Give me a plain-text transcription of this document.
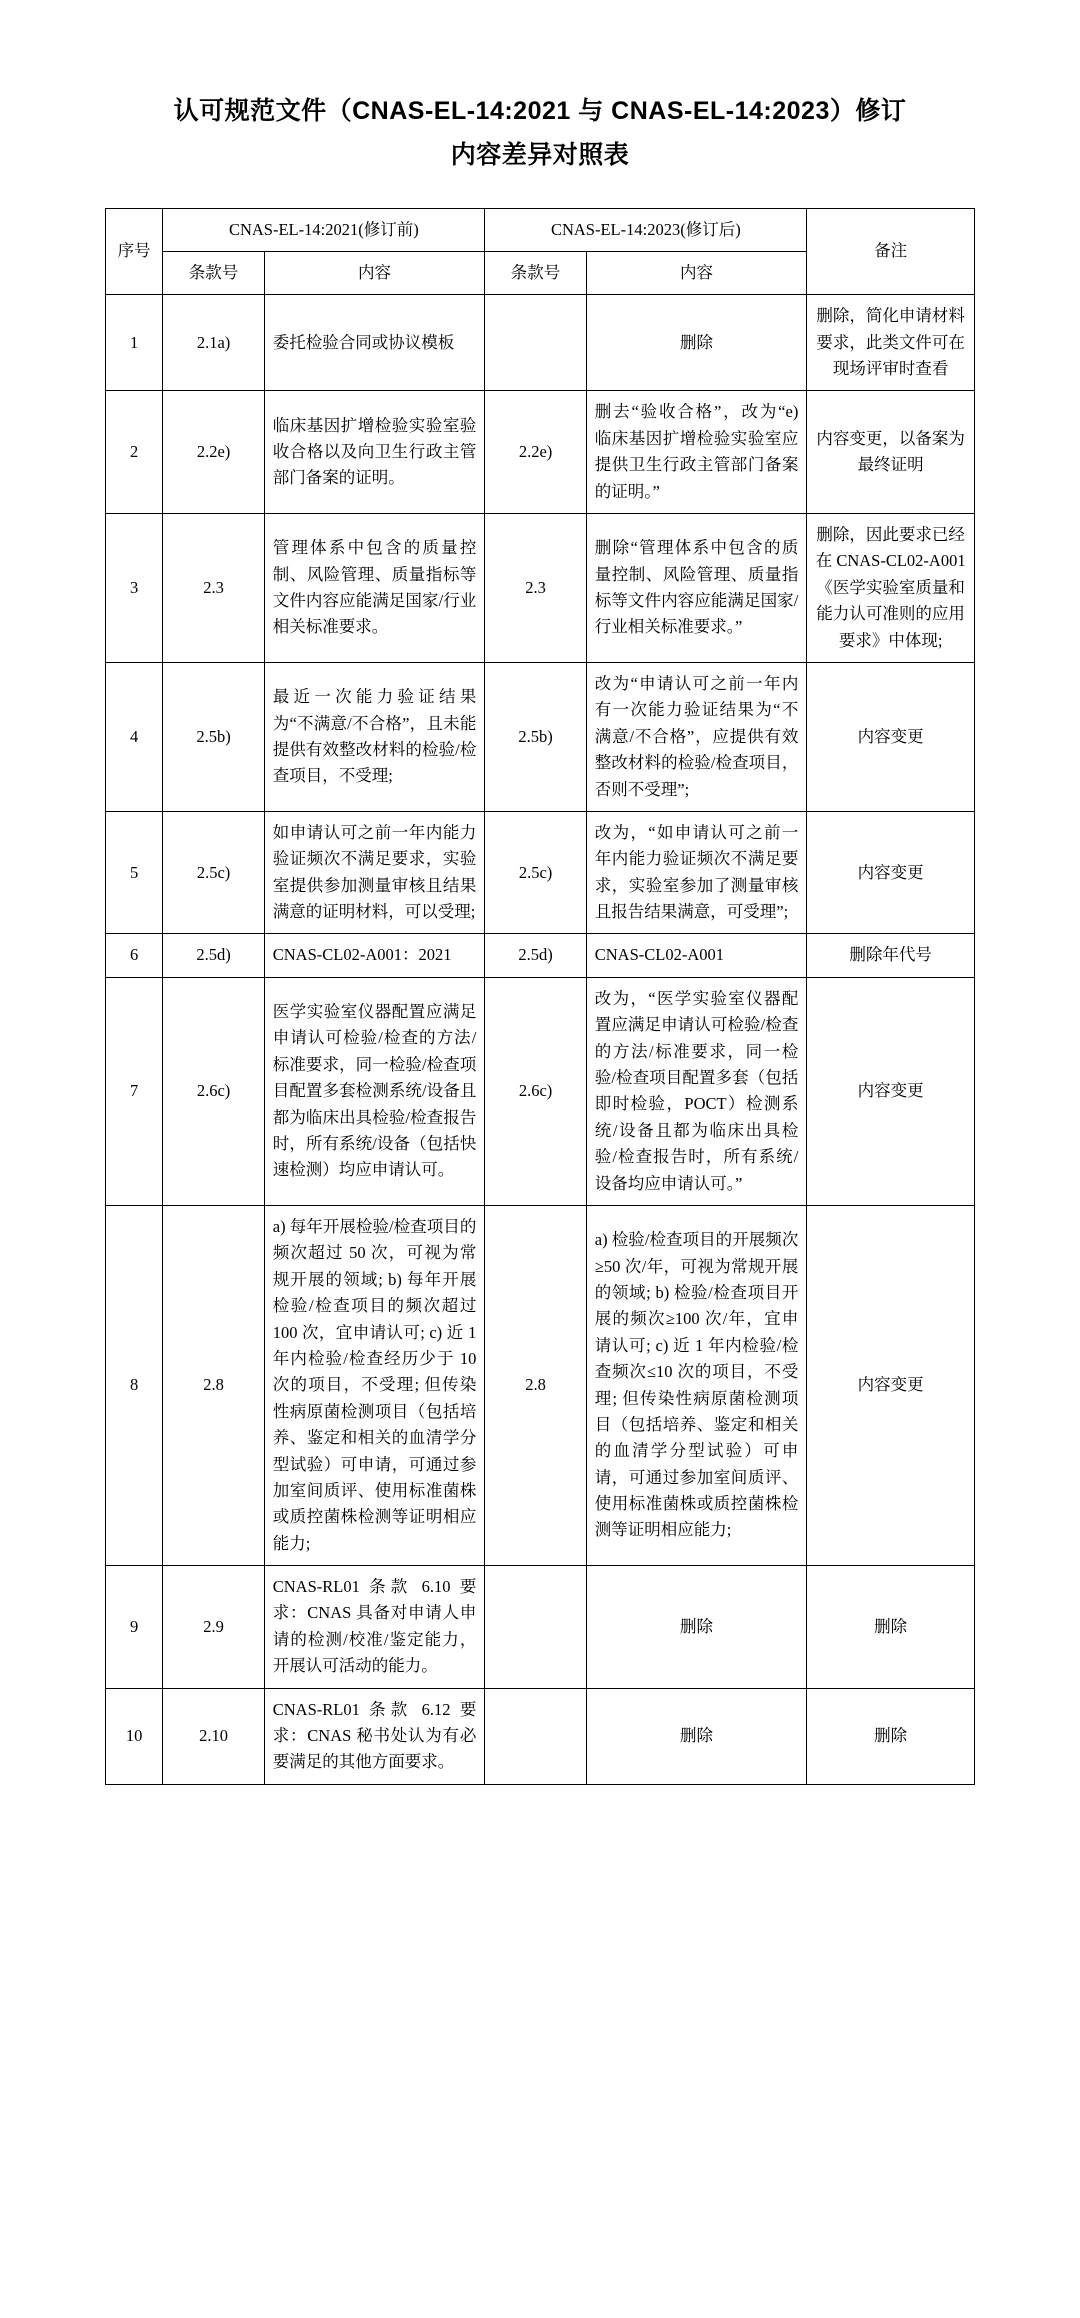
认可规范文件（CNAS-EL-14:2021 与 CNAS-EL-14:2023）修订
内容差异对照表
序号	CNAS-EL-14:2021(修订前)		CNAS-EL-14:2023(修订后)		备注
	条款号	内容	条款号	内容	
1	2.1a)	委托检验合同或协议模板		删除	删除，简化申请材料要求，此类文件可在现场评审时查看
2	2.2e)	临床基因扩增检验实验室验收合格以及向卫生行政主管部门备案的证明。	2.2e)	删去“验收合格”，改为“e) 临床基因扩增检验实验室应提供卫生行政主管部门备案的证明。”	内容变更，以备案为最终证明
3	2.3	管理体系中包含的质量控制、风险管理、质量指标等文件内容应能满足国家/行业相关标准要求。	2.3	删除“管理体系中包含的质量控制、风险管理、质量指标等文件内容应能满足国家/行业相关标准要求。”	删除，因此要求已经在 CNAS-CL02-A001《医学实验室质量和能力认可准则的应用要求》中体现;
4	2.5b)	最近一次能力验证结果为“不满意/不合格”，且未能提供有效整改材料的检验/检查项目，不受理;	2.5b)	改为“申请认可之前一年内有一次能力验证结果为“不满意/不合格”，应提供有效整改材料的检验/检查项目，否则不受理”;	内容变更
5	2.5c)	如申请认可之前一年内能力验证频次不满足要求，实验室提供参加测量审核且结果满意的证明材料，可以受理;	2.5c)	改为，“如申请认可之前一年内能力验证频次不满足要求，实验室参加了测量审核且报告结果满意，可受理”;	内容变更
6	2.5d)	CNAS-CL02-A001：2021	2.5d)	CNAS-CL02-A001	删除年代号
7	2.6c)	医学实验室仪器配置应满足申请认可检验/检查的方法/标准要求，同一检验/检查项目配置多套检测系统/设备且都为临床出具检验/检查报告时，所有系统/设备（包括快速检测）均应申请认可。	2.6c)	改为，“医学实验室仪器配置应满足申请认可检验/检查的方法/标准要求，同一检验/检查项目配置多套（包括即时检验，POCT）检测系统/设备且都为临床出具检验/检查报告时，所有系统/设备均应申请认可。”	内容变更
8	2.8	a) 每年开展检验/检查项目的频次超过 50 次，可视为常规开展的领域; b) 每年开展检验/检查项目的频次超过 100 次，宜申请认可; c) 近 1 年内检验/检查经历少于 10 次的项目，不受理; 但传染性病原菌检测项目（包括培养、鉴定和相关的血清学分型试验）可申请，可通过参加室间质评、使用标准菌株或质控菌株检测等证明相应能力;	2.8	a) 检验/检查项目的开展频次≥50 次/年，可视为常规开展的领域; b) 检验/检查项目开展的频次≥100 次/年，宜申请认可; c) 近 1 年内检验/检查频次≤10 次的项目，不受理; 但传染性病原菌检测项目（包括培养、鉴定和相关的血清学分型试验）可申请，可通过参加室间质评、使用标准菌株或质控菌株检测等证明相应能力;	内容变更
9	2.9	CNAS-RL01 条款 6.10 要求：CNAS 具备对申请人申请的检测/校准/鉴定能力，开展认可活动的能力。		删除	删除
10	2.10	CNAS-RL01 条款 6.12 要求：CNAS 秘书处认为有必要满足的其他方面要求。		删除	删除
